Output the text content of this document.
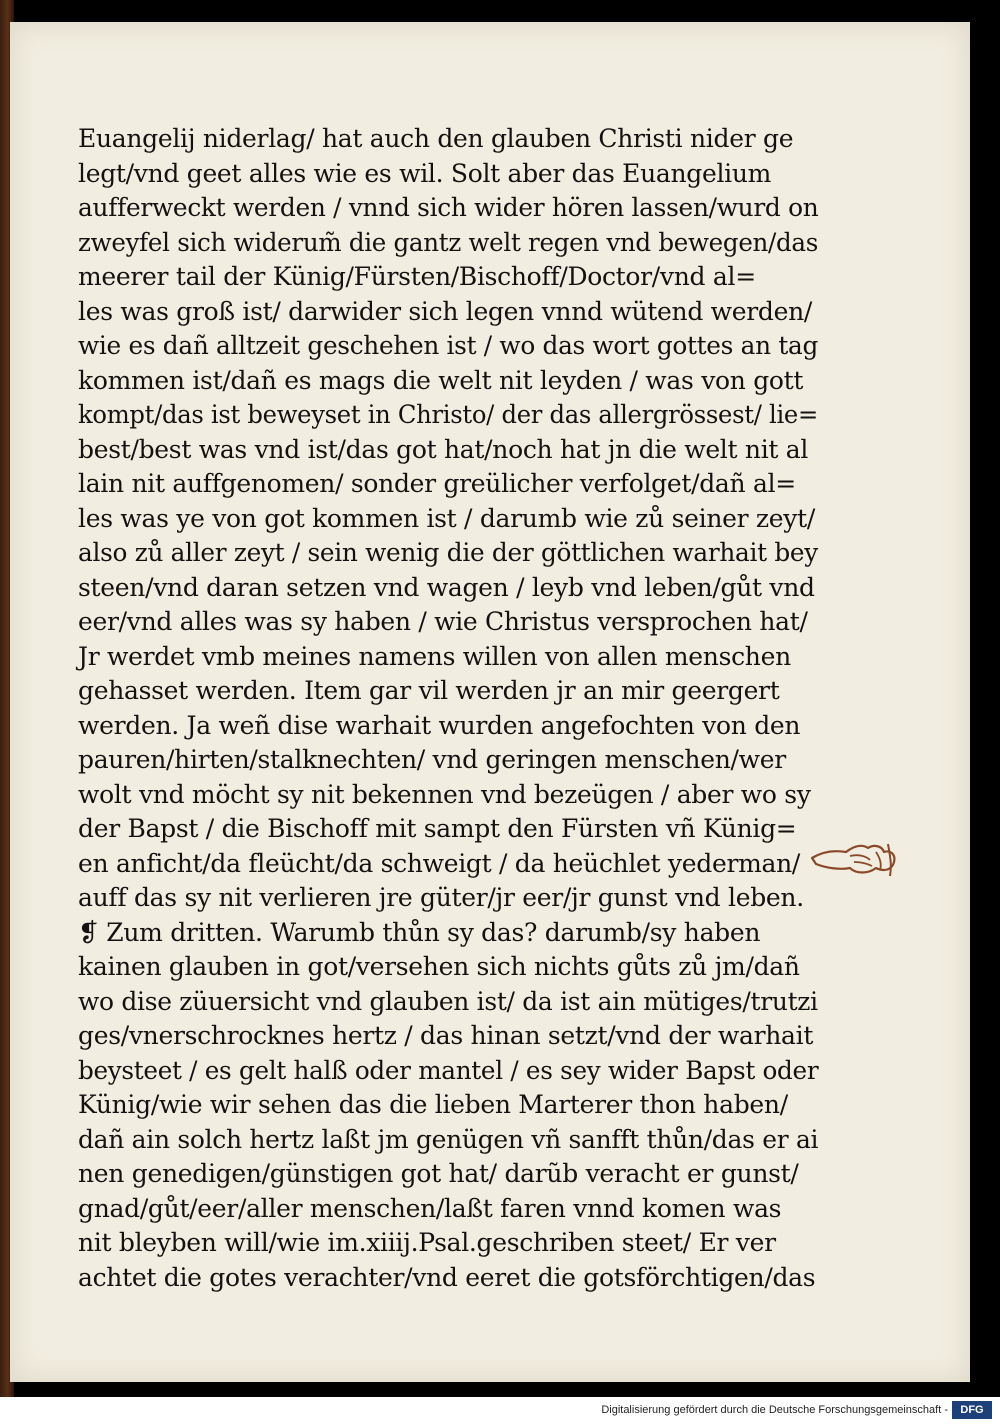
Euangelij niderlag/ hat auch den glauben Christi nider ge
legt/vnd geet alles wie es wil. Solt aber das Euangelium
aufferweckt werden / vnnd sich wider hören lassen/wurd on
zweyfel sich widerum̃ die gantz welt regen vnd bewegen/das
meerer tail der Künig/Fürsten/Bischoff/Doctor/vnd al=
les was groß ist/ darwider sich legen vnnd wütend werden/
wie es dañ alltzeit geschehen ist / wo das wort gottes an tag
kommen ist/dañ es mags die welt nit leyden / was von gott
kompt/das ist beweyset in Christo/ der das allergrössest/ lie=
best/best was vnd ist/das got hat/noch hat jn die welt nit al
lain nit auffgenomen/ sonder greülicher verfolget/dañ al=
les was ye von got kommen ist / darumb wie zů seiner zeyt/
also zů aller zeyt / sein wenig die der göttlichen warhait bey
steen/vnd daran setzen vnd wagen / leyb vnd leben/gůt vnd
eer/vnd alles was sy haben / wie Christus versprochen hat/
Jr werdet vmb meines namens willen von allen menschen
gehasset werden. Item gar vil werden jr an mir geergert
werden. Ja weñ dise warhait wurden angefochten von den
pauren/hirten/stalknechten/ vnd geringen menschen/wer
wolt vnd möcht sy nit bekennen vnd bezeügen / aber wo sy
der Bapst / die Bischoff mit sampt den Fürsten vñ Künig=
en anficht/da fleücht/da schweigt / da heüchlet yederman/
auff das sy nit verlieren jre güter/jr eer/jr gunst vnd leben.
❡ Zum dritten. Warumb thůn sy das? darumb/sy haben
kainen glauben in got/versehen sich nichts gůts zů jm/dañ
wo dise züuersicht vnd glauben ist/ da ist ain mütiges/trutzi
ges/vnerschrocknes hertz / das hinan setzt/vnd der warhait
beysteet / es gelt halß oder mantel / es sey wider Bapst oder
Künig/wie wir sehen das die lieben Marterer thon haben/
dañ ain solch hertz laßt jm genügen vñ sanfft thůn/das er ai
nen genedigen/günstigen got hat/ darũb veracht er gunst/
gnad/gůt/eer/aller menschen/laßt faren vnnd komen was
nit bleyben will/wie im.xiiij.Psal.geschriben steet/ Er ver
achtet die gotes verachter/vnd eeret die gotsförchtigen/das
Digitalisierung gefördert durch die Deutsche Forschungsgemeinschaft -	DFG
